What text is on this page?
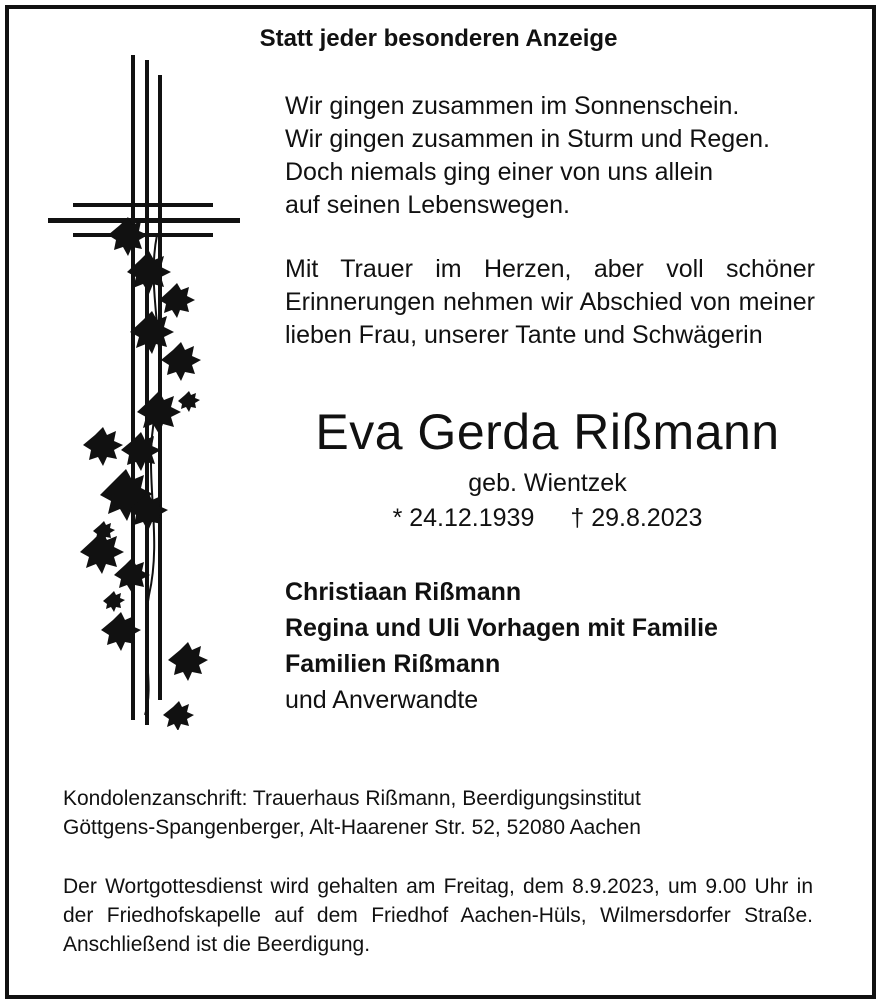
Statt jeder besonderen Anzeige
Wir gingen zusammen im Sonnenschein.
Wir gingen zusammen in Sturm und Regen.
Doch niemals ging einer von uns allein
auf seinen Lebenswegen.
Mit Trauer im Herzen, aber voll schöner Erinnerungen nehmen wir Abschied von meiner lieben Frau, unserer Tante und Schwägerin
Eva Gerda Rißmann
geb. Wientzek
* 24.12.1939 † 29.8.2023
Christiaan Rißmann
Regina und Uli Vorhagen mit Familie
Familien Rißmann
und Anverwandte
Kondolenzanschrift: Trauerhaus Rißmann, Beerdigungsinstitut
Göttgens-Spangenberger, Alt-Haarener Str. 52, 52080 Aachen
Der Wortgottesdienst wird gehalten am Freitag, dem 8.9.2023, um 9.00 Uhr in der Friedhofskapelle auf dem Friedhof Aachen-Hüls, Wilmersdorfer Straße. Anschließend ist die Beerdigung.
